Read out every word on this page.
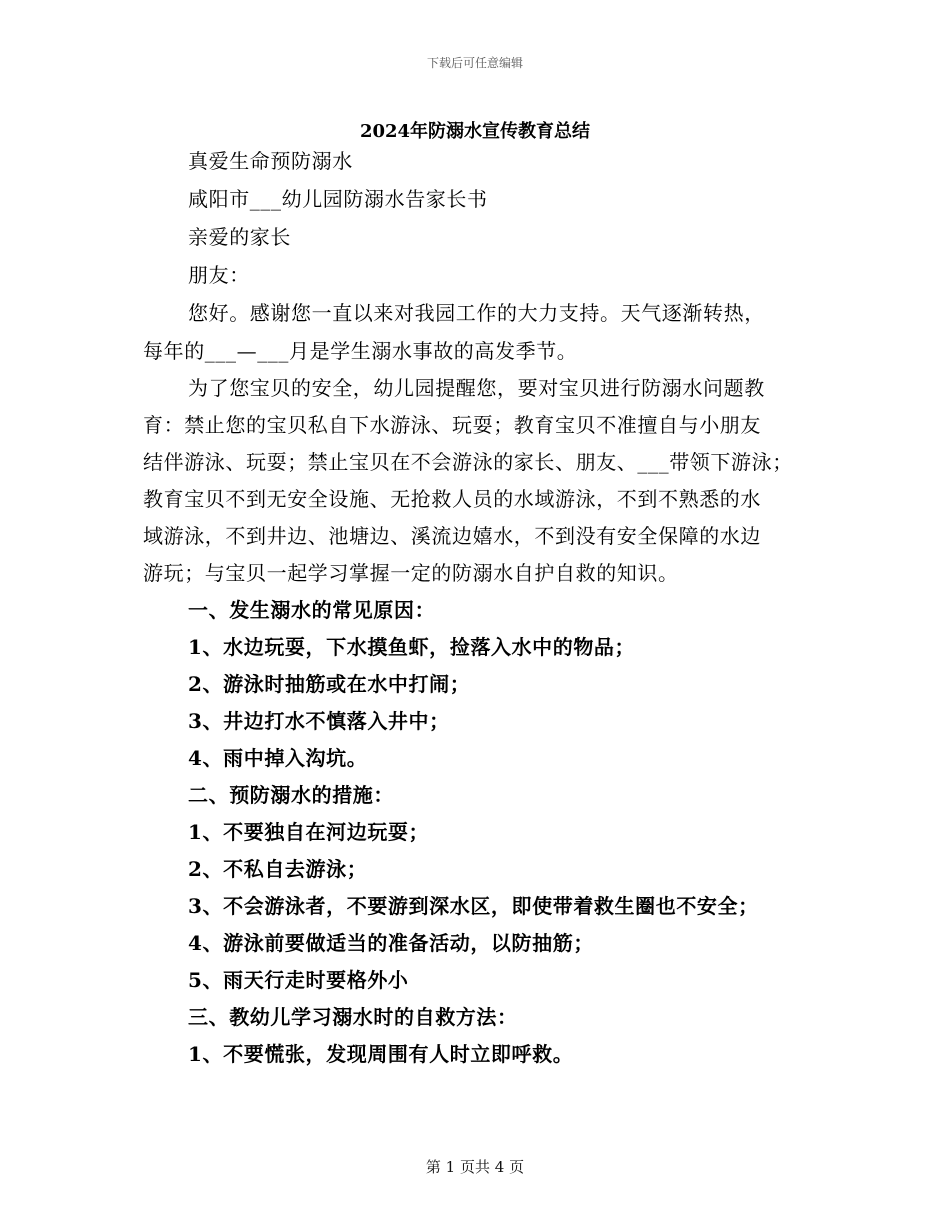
下载后可任意编辑
2024年防溺水宣传教育总结
真爱生命预防溺水
咸阳市___幼儿园防溺水告家长书
亲爱的家长
朋友：
您好。感谢您一直以来对我园工作的大力支持。天气逐渐转热，
每年的___—___月是学生溺水事故的高发季节。
为了您宝贝的安全，幼儿园提醒您，要对宝贝进行防溺水问题教
育：禁止您的宝贝私自下水游泳、玩耍；教育宝贝不准擅自与小朋友
结伴游泳、玩耍；禁止宝贝在不会游泳的家长、朋友、___带领下游泳；
教育宝贝不到无安全设施、无抢救人员的水域游泳，不到不熟悉的水
域游泳，不到井边、池塘边、溪流边嬉水，不到没有安全保障的水边
游玩；与宝贝一起学习掌握一定的防溺水自护自救的知识。
一、发生溺水的常见原因：
1、水边玩耍，下水摸鱼虾，捡落入水中的物品；
2、游泳时抽筋或在水中打闹；
3、井边打水不慎落入井中；
4、雨中掉入沟坑。
二、预防溺水的措施：
1、不要独自在河边玩耍；
2、不私自去游泳；
3、不会游泳者，不要游到深水区，即使带着救生圈也不安全；
4、游泳前要做适当的准备活动，以防抽筋；
5、雨天行走时要格外小
三、教幼儿学习溺水时的自救方法：
1、不要慌张，发现周围有人时立即呼救。
第 1 页共 4 页
